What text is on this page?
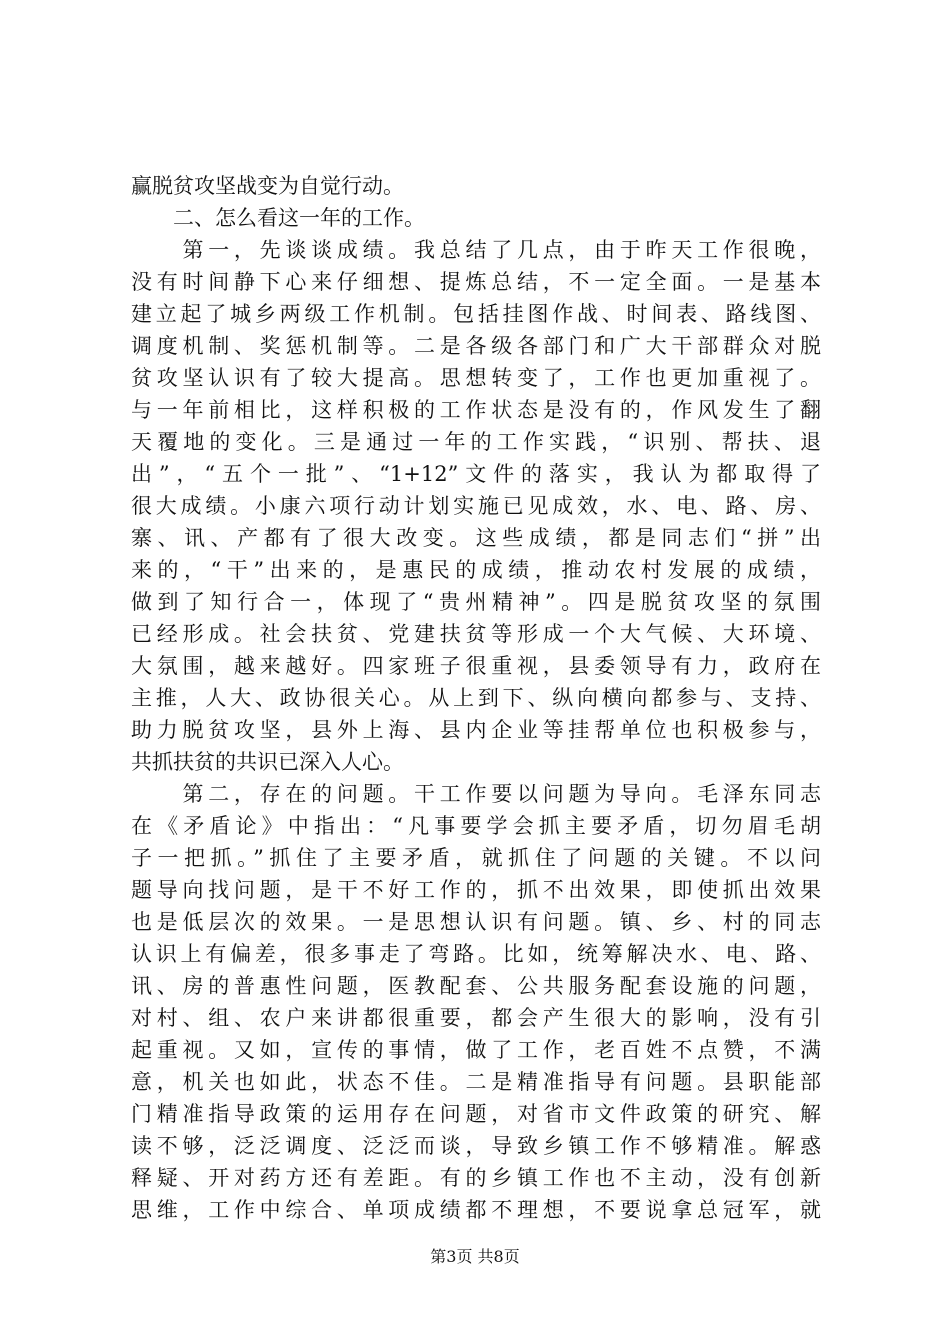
赢脱贫攻坚战变为自觉行动。
　　二、怎么看这一年的工作。
　　第一，先谈谈成绩。我总结了几点，由于昨天工作很晚，
没有时间静下心来仔细想、提炼总结，不一定全面。一是基本
建立起了城乡两级工作机制。包括挂图作战、时间表、路线图、
调度机制、奖惩机制等。二是各级各部门和广大干部群众对脱
贫攻坚认识有了较大提高。思想转变了，工作也更加重视了。
与一年前相比，这样积极的工作状态是没有的，作风发生了翻
天覆地的变化。三是通过一年的工作实践，“识别、帮扶、退
出”，“五个一批”、“1+12”文件的落实，我认为都取得了
很大成绩。小康六项行动计划实施已见成效，水、电、路、房、
寨、讯、产都有了很大改变。这些成绩，都是同志们“拼”出
来的，“干”出来的，是惠民的成绩，推动农村发展的成绩，
做到了知行合一，体现了“贵州精神”。四是脱贫攻坚的氛围
已经形成。社会扶贫、党建扶贫等形成一个大气候、大环境、
大氛围，越来越好。四家班子很重视，县委领导有力，政府在
主推，人大、政协很关心。从上到下、纵向横向都参与、支持、
助力脱贫攻坚，县外上海、县内企业等挂帮单位也积极参与，
共抓扶贫的共识已深入人心。
　　第二，存在的问题。干工作要以问题为导向。毛泽东同志
在《矛盾论》中指出：“凡事要学会抓主要矛盾，切勿眉毛胡
子一把抓。”抓住了主要矛盾，就抓住了问题的关键。不以问
题导向找问题，是干不好工作的，抓不出效果，即使抓出效果
也是低层次的效果。一是思想认识有问题。镇、乡、村的同志
认识上有偏差，很多事走了弯路。比如，统筹解决水、电、路、
讯、房的普惠性问题，医教配套、公共服务配套设施的问题，
对村、组、农户来讲都很重要，都会产生很大的影响，没有引
起重视。又如，宣传的事情，做了工作，老百姓不点赞，不满
意，机关也如此，状态不佳。二是精准指导有问题。县职能部
门精准指导政策的运用存在问题，对省市文件政策的研究、解
读不够，泛泛调度、泛泛而谈，导致乡镇工作不够精准。解惑
释疑、开对药方还有差距。有的乡镇工作也不主动，没有创新
思维，工作中综合、单项成绩都不理想，不要说拿总冠军，就
第3页 共8页
